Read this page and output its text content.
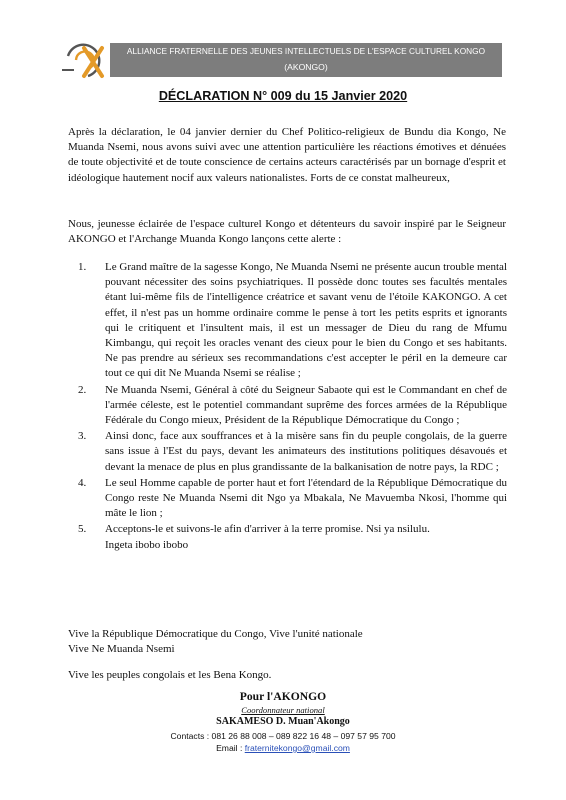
ALLIANCE FRATERNELLE DES JEUNES INTELLECTUELS DE L'ESPACE CULTUREL KONGO
(AKONGO)
DÉCLARATION N° 009 du 15 Janvier 2020
Après la déclaration, le 04 janvier dernier du Chef Politico-religieux de Bundu dia Kongo, Ne Muanda Nsemi, nous avons suivi avec une attention particulière les réactions émotives et dénuées de toute objectivité et de toute conscience de certains acteurs caractérisés par un bornage d'esprit et idéologique hautement nocif aux valeurs nationalistes. Forts de ce constat malheureux,
Nous, jeunesse éclairée de l'espace culturel Kongo et détenteurs du savoir inspiré par le Seigneur AKONGO et l'Archange Muanda Kongo lançons cette alerte :
1. Le Grand maître de la sagesse Kongo, Ne Muanda Nsemi ne présente aucun trouble mental pouvant nécessiter des soins psychiatriques. Il possède donc toutes ses facultés mentales étant lui-même fils de l'intelligence créatrice et savant venu de l'étoile KAKONGO. A cet effet, il n'est pas un homme ordinaire comme le pense à tort les petits esprits et ignorants qui le critiquent et l'insultent mais, il est un messager de Dieu du rang de Mfumu Kimbangu, qui reçoit les oracles venant des cieux pour le bien du Congo et ses habitants. Ne pas prendre au sérieux ses recommandations c'est accepter le péril en la demeure car tout ce qui dit Ne Muanda Nsemi se réalise ;
2. Ne Muanda Nsemi, Général à côté du Seigneur Sabaote qui est le Commandant en chef de l'armée céleste, est le potentiel commandant suprême des forces armées de la République Fédérale du Congo mieux, Président de la République Démocratique du Congo ;
3. Ainsi donc, face aux souffrances et à la misère sans fin du peuple congolais, de la guerre sans issue à l'Est du pays, devant les animateurs des institutions politiques désavoués et devant la menace de plus en plus grandissante de la balkanisation de notre pays, la RDC ;
4. Le seul Homme capable de porter haut et fort l'étendard de la République Démocratique du Congo reste Ne Muanda Nsemi dit Ngo ya Mbakala, Ne Mavuemba Nkosi, l'homme qui mâte le lion ;
5. Acceptons-le et suivons-le afin d'arriver à la terre promise. Nsi ya nsilulu.
Ingeta ibobo ibobo
Vive la République Démocratique du Congo, Vive l'unité nationale
Vive Ne Muanda Nsemi
Vive les peuples congolais et les Bena Kongo.
Pour l'AKONGO
Coordonnateur national
SAKAMESO D. Muan'Akongo
Contacts : 081 26 88 008 – 089 822 16 48 – 097 57 95 700
Email : fraternitekongo@gmail.com
